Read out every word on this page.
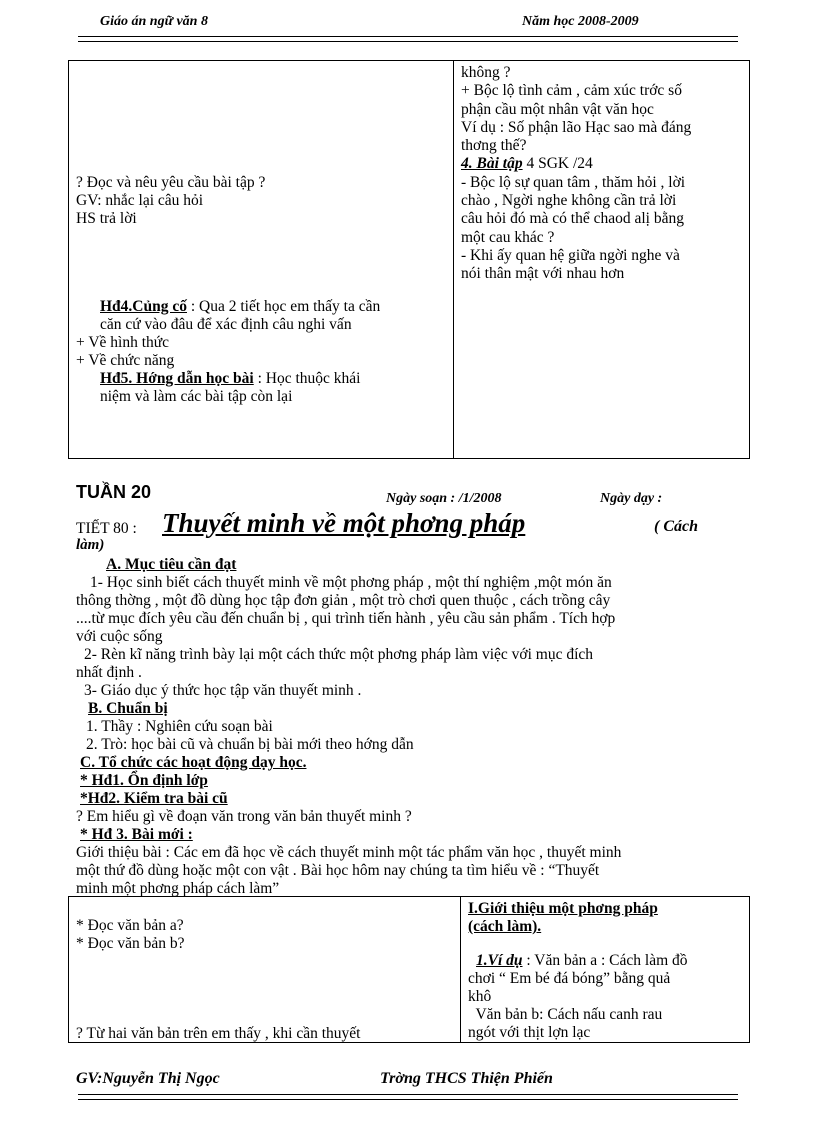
Giáo án ngữ văn 8	Năm học 2008-2009
? Đọc và nêu yêu cầu bài tập ?
GV: nhắc lại câu hỏi
HS trả lời
Hđ4.Củng cố : Qua 2 tiết học em thấy ta cần
căn cứ vào đâu để xác định câu nghi vấn
+ Về hình thức
+ Về chức năng
Hđ5. Hớng dẫn học bài : Học thuộc khái
niệm và làm các bài tập còn lại
không ?
+ Bộc lộ tình cảm , cảm xúc trớc số
phận cầu một nhân vật văn học
Ví dụ : Số phận lão Hạc sao mà đáng
thơng thế?
4. Bài tập 4 SGK /24
- Bộc lộ sự quan tâm , thăm hỏi , lời
chào , Ngời nghe không cần trả lời
câu hỏi đó mà có thể chaod alị bằng
một cau khác ?
- Khi ấy quan hệ giữa ngời nghe và
nói thân mật với nhau hơn
TUẦN 20	Ngày soạn : /1/2008	Ngày dạy :
TIẾT 80 : Thuyết minh về một phơng pháp	( Cách
làm)
A. Mục tiêu cần đạt
1- Học sinh biết cách thuyết minh về một phơng pháp , một thí nghiệm ,một món ăn
thông thờng , một đồ dùng học tập đơn giản , một trò chơi quen thuộc , cách trồng cây
....từ mục đích yêu cầu đến chuẩn bị , qui trình tiến hành , yêu cầu sản phẩm . Tích hợp
với cuộc sống
2- Rèn kĩ năng trình bày lại một cách thức một phơng pháp làm việc với mục đích
nhất định .
3- Giáo dục ý thức học tập văn thuyết minh .
B. Chuẩn bị
1. Thầy : Nghiên cứu soạn bài
2. Trò: học bài cũ và chuẩn bị bài mới theo hớng dẫn
C. Tổ chức các hoạt động dạy học.
* Hđ1. Ổn định lớp
*Hđ2. Kiểm tra bài cũ
? Em hiểu gì về đoạn văn trong văn bản thuyết minh ?
* Hđ 3. Bài mới :
Giới thiệu bài : Các em đã học về cách thuyết minh một tác phẩm văn học , thuyết minh
một thứ đồ dùng hoặc một con vật . Bài học hôm nay chúng ta tìm hiểu về : “Thuyết
minh một phơng pháp cách làm”
* Đọc văn bản a?
* Đọc văn bản b?
? Từ hai văn bản trên em thấy , khi cần thuyết
I.Giới thiệu một phơng pháp
(cách làm).
1.Ví dụ : Văn bản a : Cách làm đồ
chơi “ Em bé đá bóng” bằng quả
khô
Văn bản b: Cách nấu canh rau
ngót với thịt lợn lạc
GV:Nguyễn Thị Ngọc	Trờng THCS Thiện Phiến
